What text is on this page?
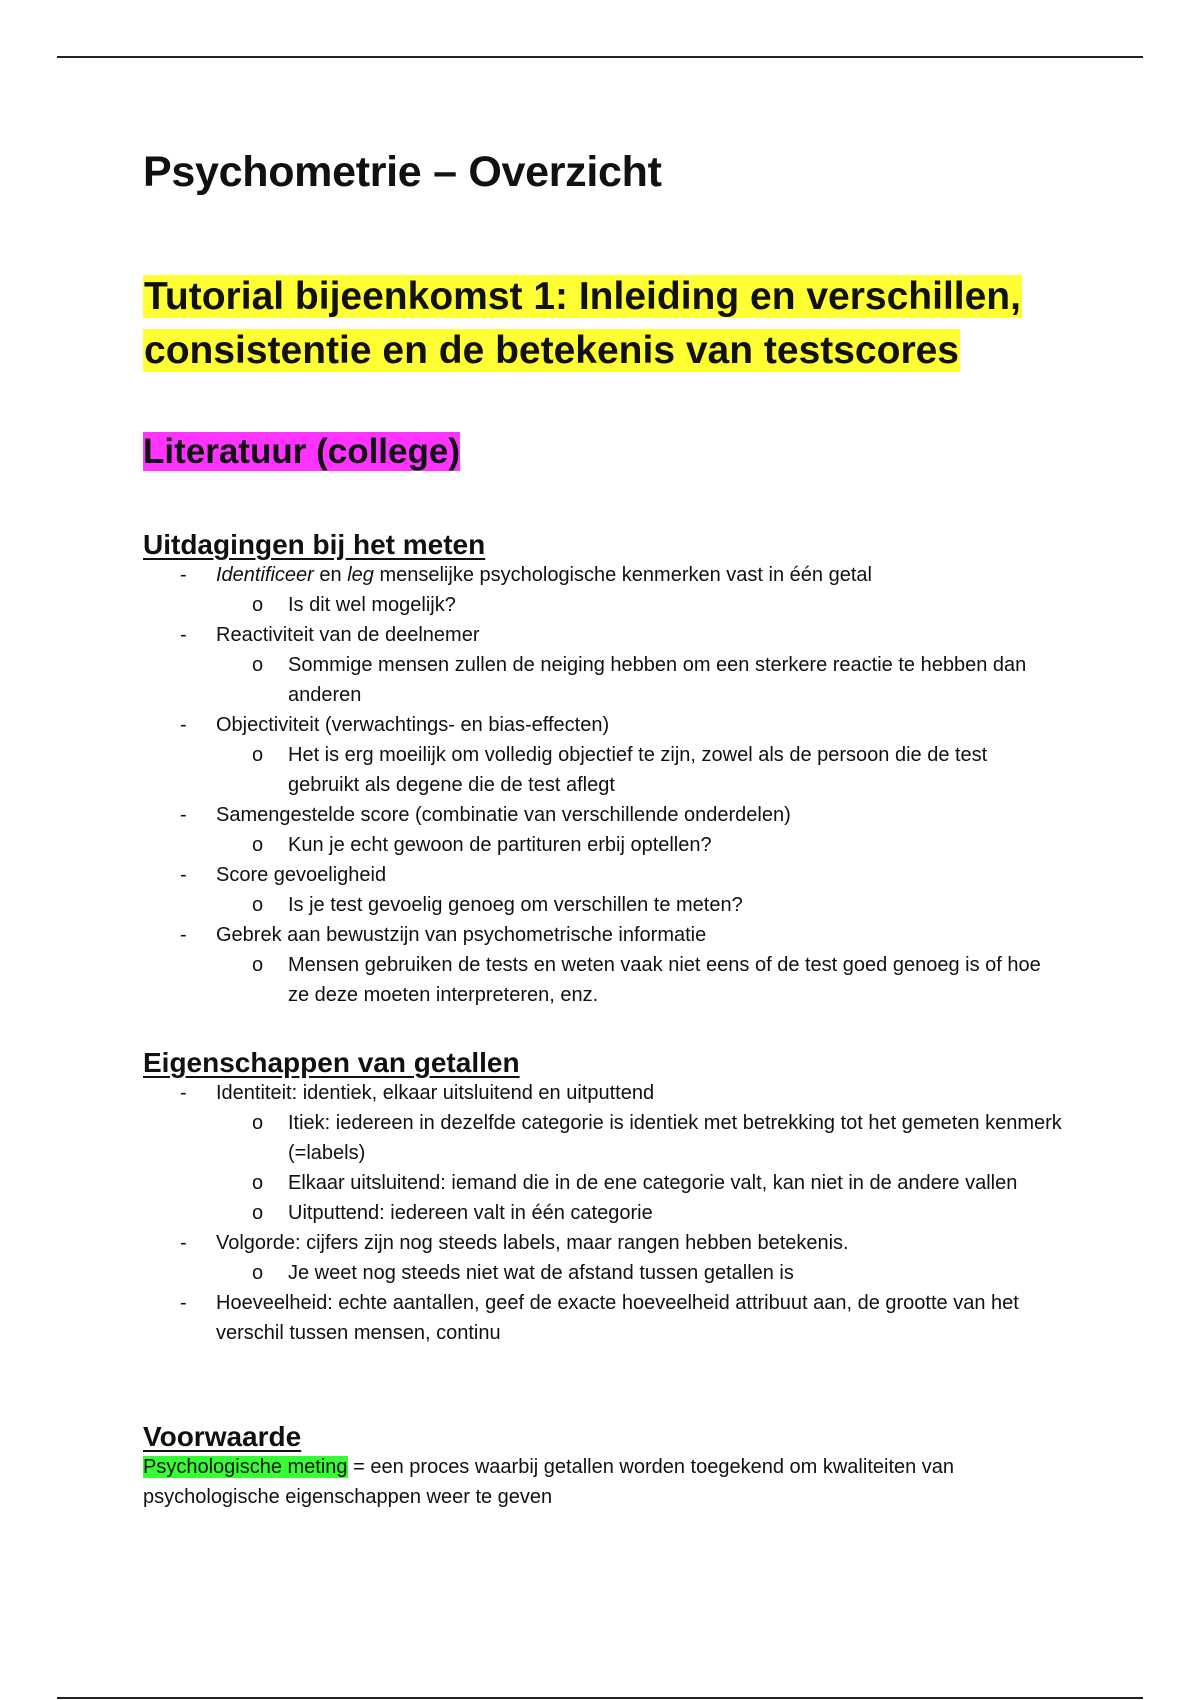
Psychometrie – Overzicht
Tutorial bijeenkomst 1: Inleiding en verschillen, consistentie en de betekenis van testscores
Literatuur (college)
Uitdagingen bij het meten
- Identificeer en leg menselijke psychologische kenmerken vast in één getal
o Is dit wel mogelijk?
- Reactiviteit van de deelnemer
o Sommige mensen zullen de neiging hebben om een sterkere reactie te hebben dan anderen
- Objectiviteit (verwachtings- en bias-effecten)
o Het is erg moeilijk om volledig objectief te zijn, zowel als de persoon die de test gebruikt als degene die de test aflegt
- Samengestelde score (combinatie van verschillende onderdelen)
o Kun je echt gewoon de partituren erbij optellen?
- Score gevoeligheid
o Is je test gevoelig genoeg om verschillen te meten?
- Gebrek aan bewustzijn van psychometrische informatie
o Mensen gebruiken de tests en weten vaak niet eens of de test goed genoeg is of hoe ze deze moeten interpreteren, enz.
Eigenschappen van getallen
- Identiteit: identiek, elkaar uitsluitend en uitputtend
o Itiek: iedereen in dezelfde categorie is identiek met betrekking tot het gemeten kenmerk (=labels)
o Elkaar uitsluitend: iemand die in de ene categorie valt, kan niet in de andere vallen
o Uitputtend: iedereen valt in één categorie
- Volgorde: cijfers zijn nog steeds labels, maar rangen hebben betekenis.
o Je weet nog steeds niet wat de afstand tussen getallen is
- Hoeveelheid: echte aantallen, geef de exacte hoeveelheid attribuut aan, de grootte van het verschil tussen mensen, continu
Voorwaarde

Psychologische meting = een proces waarbij getallen worden toegekend om kwaliteiten van psychologische eigenschappen weer te geven
